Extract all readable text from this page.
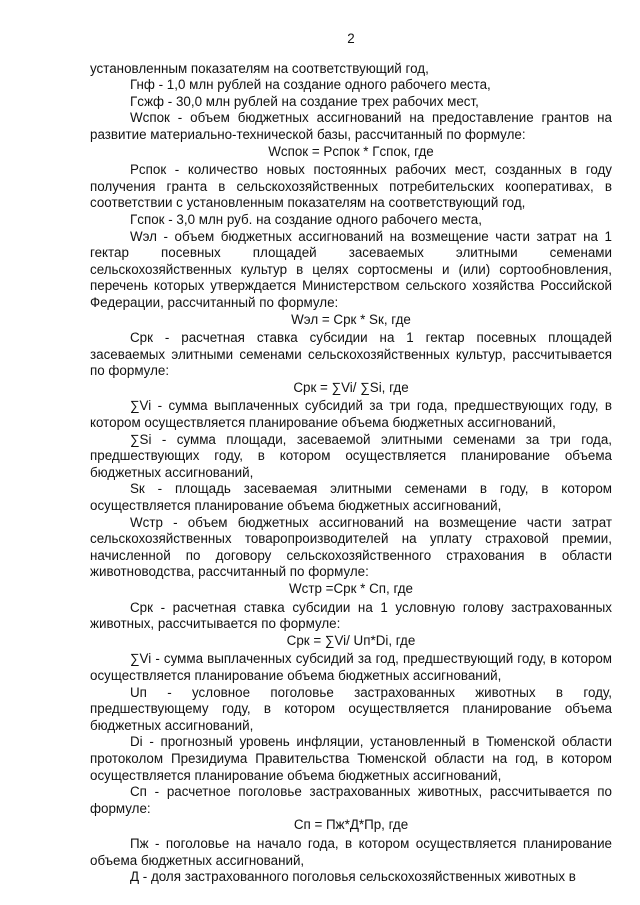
2

установленным показателям на соответствующий год,

Гнф - 1,0 млн рублей на создание одного рабочего места,

Гсжф - 30,0 млн рублей на создание трех рабочих мест,

Wспок - объем бюджетных ассигнований на предоставление грантов на развитие материально-технической базы, рассчитанный по формуле:

Wспок = Рспок * Гспок, где

Рспок - количество новых постоянных рабочих мест, созданных в году получения гранта в сельскохозяйственных потребительских кооперативах, в соответствии с установленным показателям на соответствующий год,

Гспок - 3,0 млн руб. на создание одного рабочего места,

Wэл - объем бюджетных ассигнований на возмещение части затрат на 1 гектар посевных площадей засеваемых элитными семенами сельскохозяйственных культур в целях сортосмены и (или) сортообновления, перечень которых утверждается Министерством сельского хозяйства Российской Федерации, рассчитанный по формуле:

Wэл = Срк * Sк, где

Срк - расчетная ставка субсидии на 1 гектар посевных площадей засеваемых элитными семенами сельскохозяйственных культур, рассчитывается по формуле:

Срк = ∑Vi/ ∑Si, где

∑Vi - сумма выплаченных субсидий за три года, предшествующих году, в котором осуществляется планирование объема бюджетных ассигнований,

∑Si - сумма площади, засеваемой элитными семенами за три года, предшествующих году, в котором осуществляется планирование объема бюджетных ассигнований,

Sк - площадь засеваемая элитными семенами в году, в котором осуществляется планирование объема бюджетных ассигнований,

Wстр - объем бюджетных ассигнований на возмещение части затрат сельскохозяйственных товаропроизводителей на уплату страховой премии, начисленной по договору сельскохозяйственного страхования в области животноводства, рассчитанный по формуле:

Wстр =Срк * Сп, где

Срк - расчетная ставка субсидии на 1 условную голову застрахованных животных, рассчитывается по формуле:

Срк = ∑Vi/ Uп*Di, где

∑Vi - сумма выплаченных субсидий за год, предшествующий году, в котором осуществляется планирование объема бюджетных ассигнований,

Uп - условное поголовье застрахованных животных в году, предшествующему году, в котором осуществляется планирование объема бюджетных ассигнований,

Di - прогнозный уровень инфляции, установленный в Тюменской области протоколом Президиума Правительства Тюменской области на год, в котором осуществляется планирование объема бюджетных ассигнований,

Сп - расчетное поголовье застрахованных животных, рассчитывается по формуле:

Сп = Пж*Д*Пр, где

Пж - поголовье на начало года, в котором осуществляется планирование объема бюджетных ассигнований,

Д - доля застрахованного поголовья сельскохозяйственных животных в
